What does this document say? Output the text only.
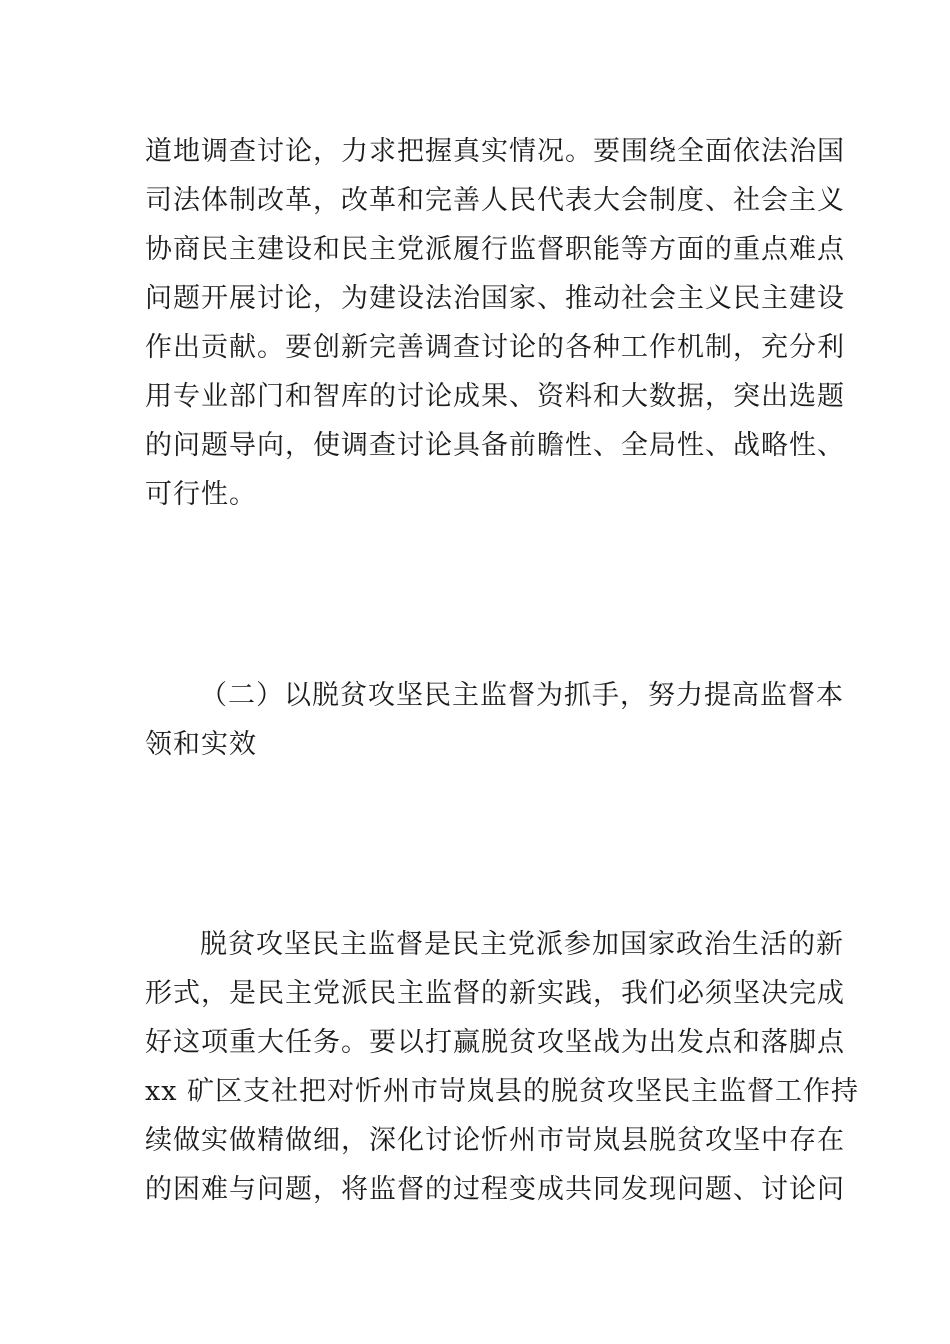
道地调查讨论，力求把握真实情况。要围绕全面依法治国
司法体制改革，改革和完善人民代表大会制度、社会主义
协商民主建设和民主党派履行监督职能等方面的重点难点
问题开展讨论，为建设法治国家、推动社会主义民主建设
作出贡献。要创新完善调查讨论的各种工作机制，充分利
用专业部门和智库的讨论成果、资料和大数据，突出选题
的问题导向，使调查讨论具备前瞻性、全局性、战略性、
可行性。
（二）以脱贫攻坚民主监督为抓手，努力提高监督本
领和实效
脱贫攻坚民主监督是民主党派参加国家政治生活的新
形式，是民主党派民主监督的新实践，我们必须坚决完成
好这项重大任务。要以打赢脱贫攻坚战为出发点和落脚点
xx 矿区支社把对忻州市岢岚县的脱贫攻坚民主监督工作持
续做实做精做细，深化讨论忻州市岢岚县脱贫攻坚中存在
的困难与问题，将监督的过程变成共同发现问题、讨论问
